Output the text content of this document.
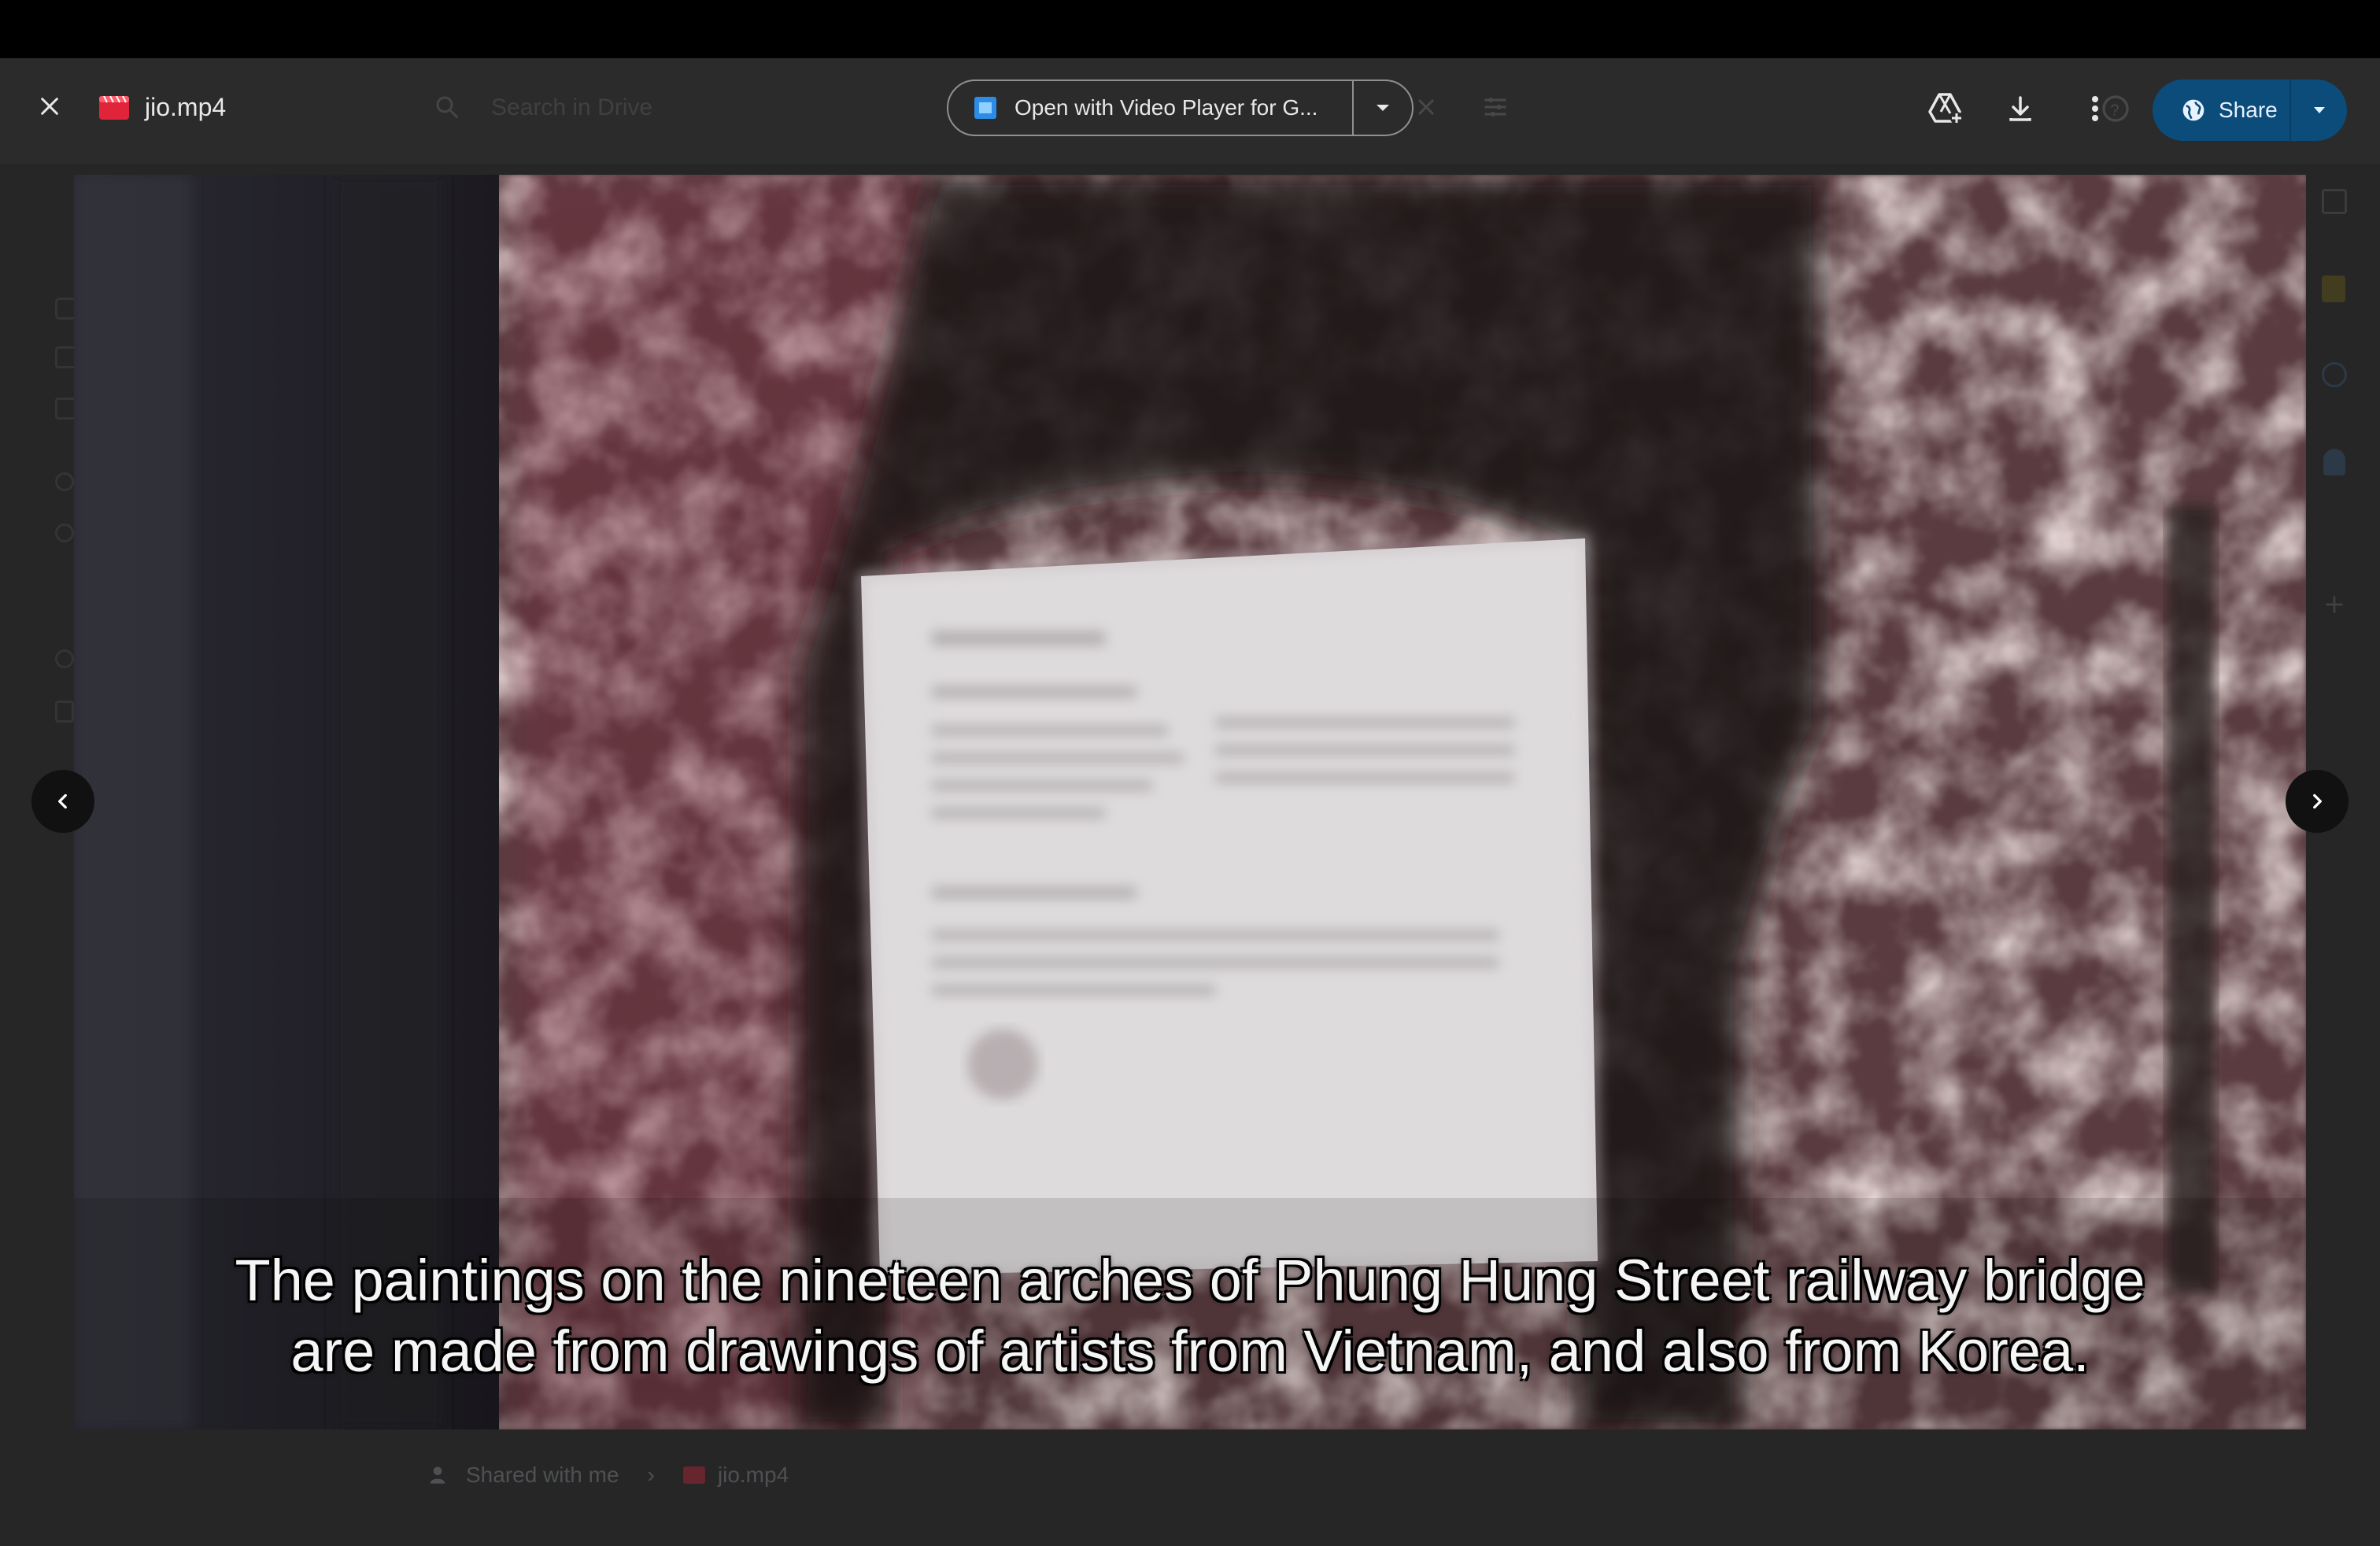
jio.mp4	Search in Drive	Open with Video Player for G...	?	Share
The paintings on the nineteen arches of Phung Hung Street railway bridge
are made from drawings of artists from Vietnam, and also from Korea.
Shared with me ›	jio.mp4
